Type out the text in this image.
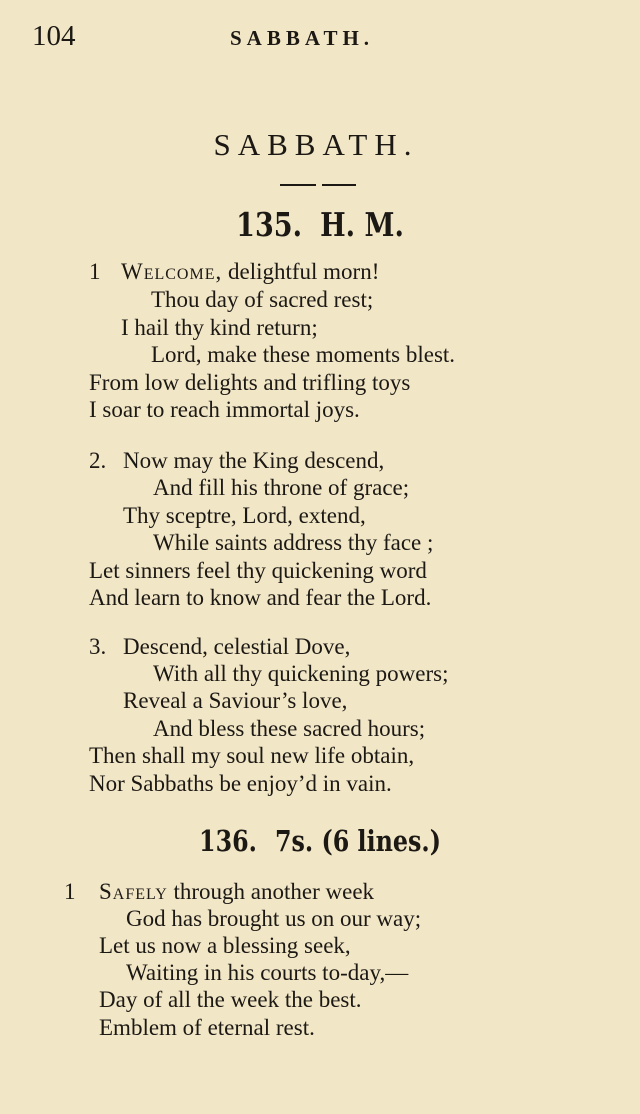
104	SABBATH.
SABBATH.
135. H. M.
1 Welcome, delightful morn!
Thou day of sacred rest;
I hail thy kind return;
Lord, make these moments blest.
From low delights and trifling toys
I soar to reach immortal joys.
2. Now may the King descend,
And fill his throne of grace;
Thy sceptre, Lord, extend,
While saints address thy face ;
Let sinners feel thy quickening word
And learn to know and fear the Lord.
3. Descend, celestial Dove,
With all thy quickening powers;
Reveal a Saviour’s love,
And bless these sacred hours;
Then shall my soul new life obtain,
Nor Sabbaths be enjoy’d in vain.
136. 7s. (6 lines.)
1 Safely through another week
God has brought us on our way;
Let us now a blessing seek,
Waiting in his courts to-day,—
Day of all the week the best.
Emblem of eternal rest.
